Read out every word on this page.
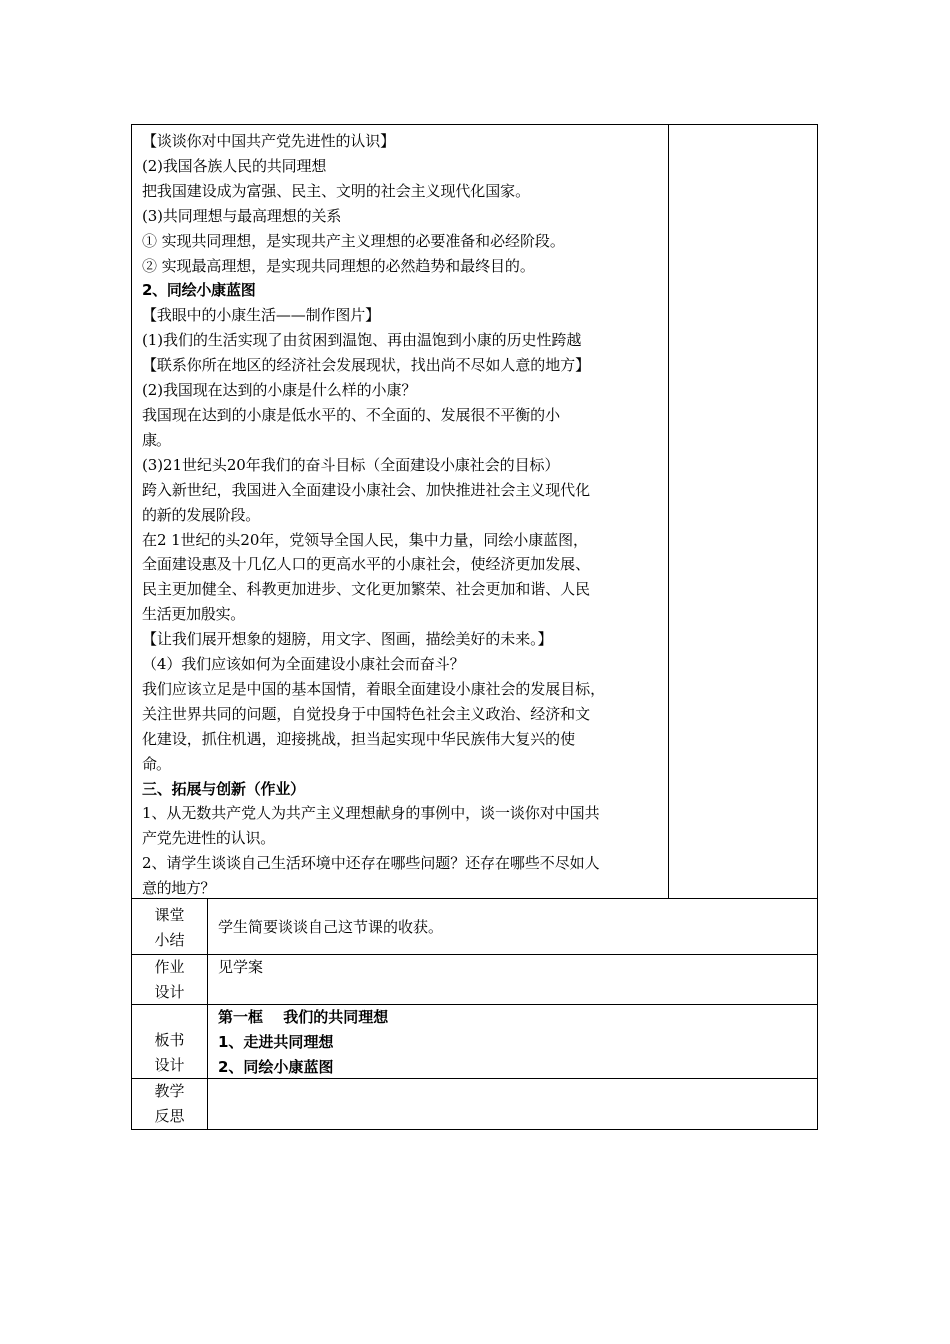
【谈谈你对中国共产党先进性的认识】
(2)我国各族人民的共同理想
把我国建设成为富强、民主、文明的社会主义现代化国家。
(3)共同理想与最高理想的关系
① 实现共同理想，是实现共产主义理想的必要准备和必经阶段。
② 实现最高理想，是实现共同理想的必然趋势和最终目的。
2、同绘小康蓝图
【我眼中的小康生活——制作图片】
(1)我们的生活实现了由贫困到温饱、再由温饱到小康的历史性跨越
【联系你所在地区的经济社会发展现状，找出尚不尽如人意的地方】
(2)我国现在达到的小康是什么样的小康？
我国现在达到的小康是低水平的、不全面的、发展很不平衡的小
康。
(3)21世纪头20年我们的奋斗目标（全面建设小康社会的目标）
跨入新世纪，我国进入全面建设小康社会、加快推进社会主义现代化
的新的发展阶段。
在2 1世纪的头20年，党领导全国人民，集中力量，同绘小康蓝图，
全面建设惠及十几亿人口的更高水平的小康社会，使经济更加发展、
民主更加健全、科教更加进步、文化更加繁荣、社会更加和谐、人民
生活更加殷实。
【让我们展开想象的翅膀，用文字、图画，描绘美好的未来。】
（4）我们应该如何为全面建设小康社会而奋斗？
我们应该立足是中国的基本国情，着眼全面建设小康社会的发展目标，
关注世界共同的问题，自觉投身于中国特色社会主义政治、经济和文
化建设，抓住机遇，迎接挑战，担当起实现中华民族伟大复兴的使
命。
三、拓展与创新（作业）
1、从无数共产党人为共产主义理想献身的事例中，谈一谈你对中国共
产党先进性的认识。
2、请学生谈谈自己生活环境中还存在哪些问题？还存在哪些不尽如人
意的地方？
课堂
小结
学生简要谈谈自己这节课的收获。
作业
设计
见学案
板书
设计
第一框　 我们的共同理想
1、走进共同理想
2、同绘小康蓝图
教学
反思
